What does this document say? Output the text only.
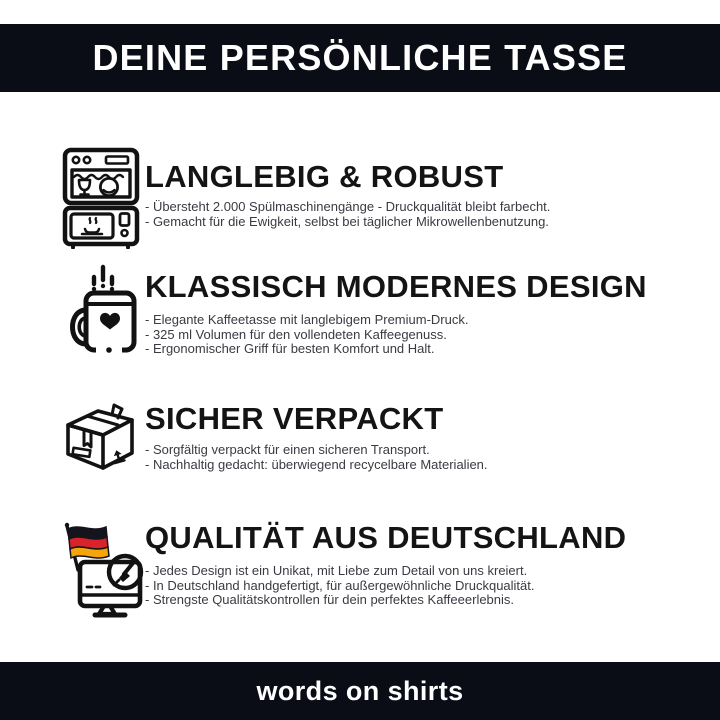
DEINE PERSÖNLICHE TASSE
LANGLEBIG & ROBUST

- Übersteht 2.000 Spülmaschinengänge - Druckqualität bleibt farbecht.

- Gemacht für die Ewigkeit, selbst bei täglicher Mikrowellenbenutzung.

KLASSISCH MODERNES DESIGN

- Elegante Kaffeetasse mit langlebigem Premium-Druck.

- 325 ml Volumen für den vollendeten Kaffeegenuss.

- Ergonomischer Griff für besten Komfort und Halt.

SICHER VERPACKT

- Sorgfältig verpackt für einen sicheren Transport.

- Nachhaltig gedacht: überwiegend recycelbare Materialien.

QUALITÄT AUS DEUTSCHLAND

- Jedes Design ist ein Unikat, mit Liebe zum Detail von uns kreiert.

- In Deutschland handgefertigt, für außergewöhnliche Druckqualität.

- Strengste Qualitätskontrollen für dein perfektes Kaffeeerlebnis.

words on shirts
